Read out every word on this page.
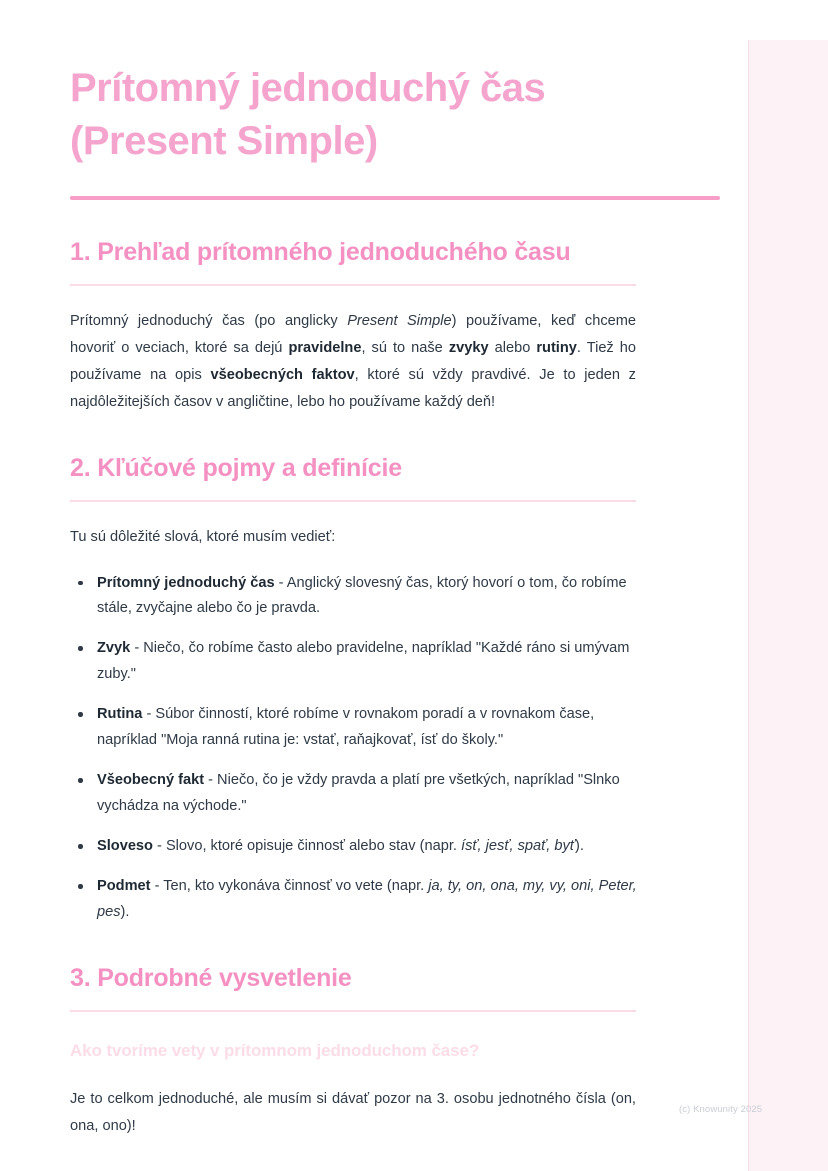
Prítomný jednoduchý čas
(Present Simple)
1. Prehľad prítomného jednoduchého času

Prítomný jednoduchý čas (po anglicky Present Simple) používame, keď chceme hovoriť o veciach, ktoré sa dejú pravidelne, sú to naše zvyky alebo rutiny. Tiež ho používame na opis všeobecných faktov, ktoré sú vždy pravdivé. Je to jeden z najdôležitejších časov v angličtine, lebo ho používame každý deň!

2. Kľúčové pojmy a definície

Tu sú dôležité slová, ktoré musím vedieť:

Prítomný jednoduchý čas - Anglický slovesný čas, ktorý hovorí o tom, čo robíme stále, zvyčajne alebo čo je pravda.
Zvyk - Niečo, čo robíme často alebo pravidelne, napríklad "Každé ráno si umývam zuby."
Rutina - Súbor činností, ktoré robíme v rovnakom poradí a v rovnakom čase, napríklad "Moja ranná rutina je: vstať, raňajkovať, ísť do školy."
Všeobecný fakt - Niečo, čo je vždy pravda a platí pre všetkých, napríklad "Slnko vychádza na východe."
Sloveso - Slovo, ktoré opisuje činnosť alebo stav (napr. ísť, jesť, spať, byť).
Podmet - Ten, kto vykonáva činnosť vo vete (napr. ja, ty, on, ona, my, vy, oni, Peter, pes).
3. Podrobné vysvetlenie
Ako tvoríme vety v prítomnom jednoduchom čase?

Je to celkom jednoduché, ale musím si dávať pozor na 3. osobu jednotného čísla (on, ona, ono)!

(c) Knowunity 2025
